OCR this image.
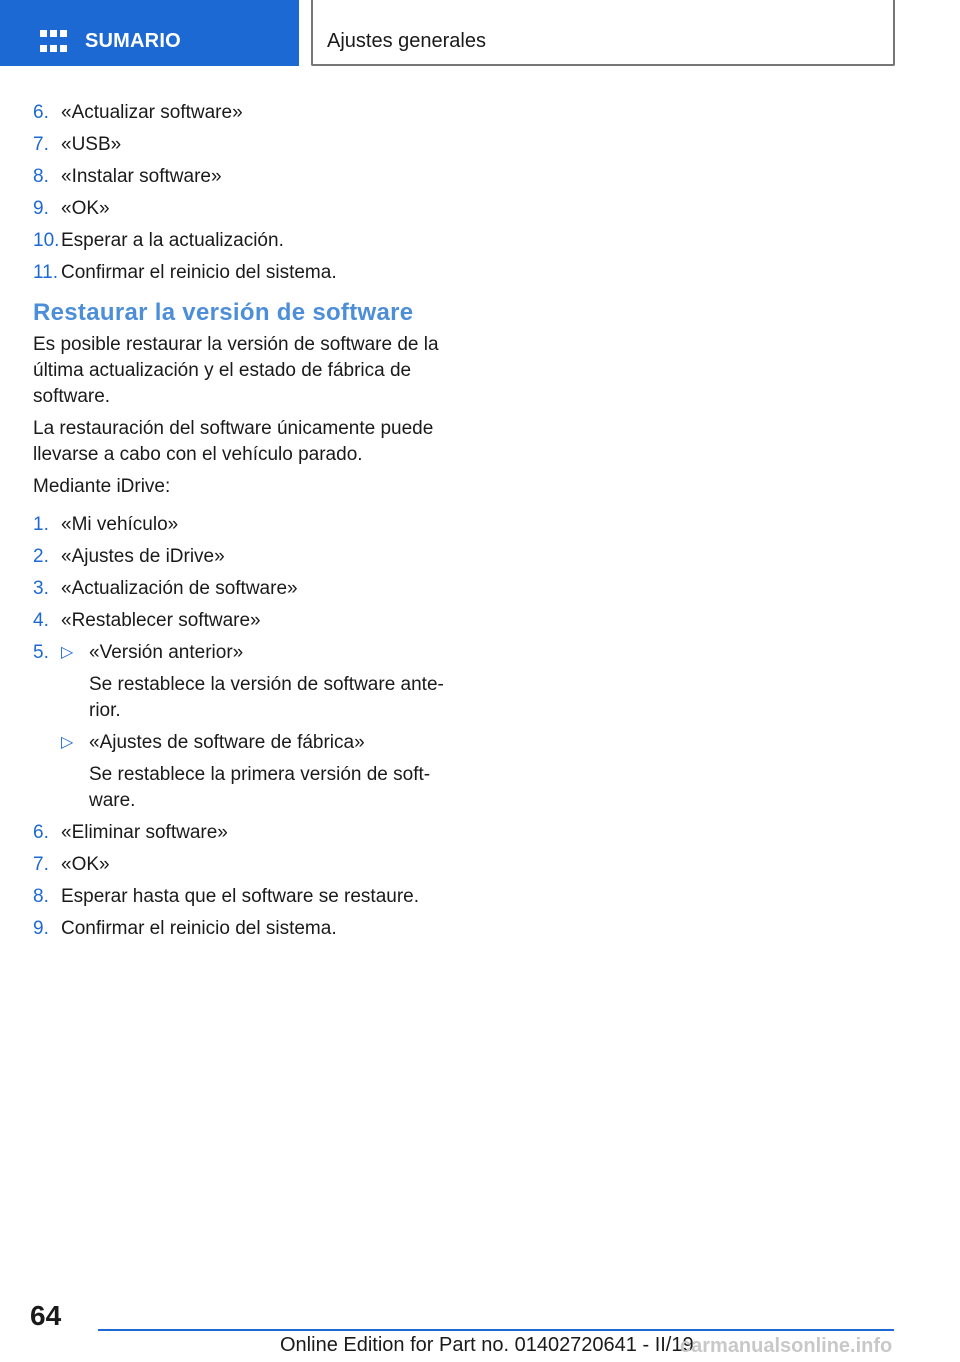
SUMARIO	Ajustes generales
6. «Actualizar software»
7. «USB»
8. «Instalar software»
9. «OK»
10. Esperar a la actualización.
11. Confirmar el reinicio del sistema.
Restaurar la versión de software

Es posible restaurar la versión de software de la última actualización y el estado de fábrica de software.

La restauración del software únicamente puede llevarse a cabo con el vehículo parado.

Mediante iDrive:

1. «Mi vehículo»
2. «Ajustes de iDrive»
3. «Actualización de software»
4. «Restablecer software»
5. ▷ «Versión anterior»

Se restablece la versión de software ante-rior.

▷ «Ajustes de software de fábrica»

Se restablece la primera versión de soft-ware.

6. «Eliminar software»
7. «OK»
8. Esperar hasta que el software se restaure.
9. Confirmar el reinicio del sistema.
64
Online Edition for Part no. 01402720641 - II/19
carmanualsonline.info
